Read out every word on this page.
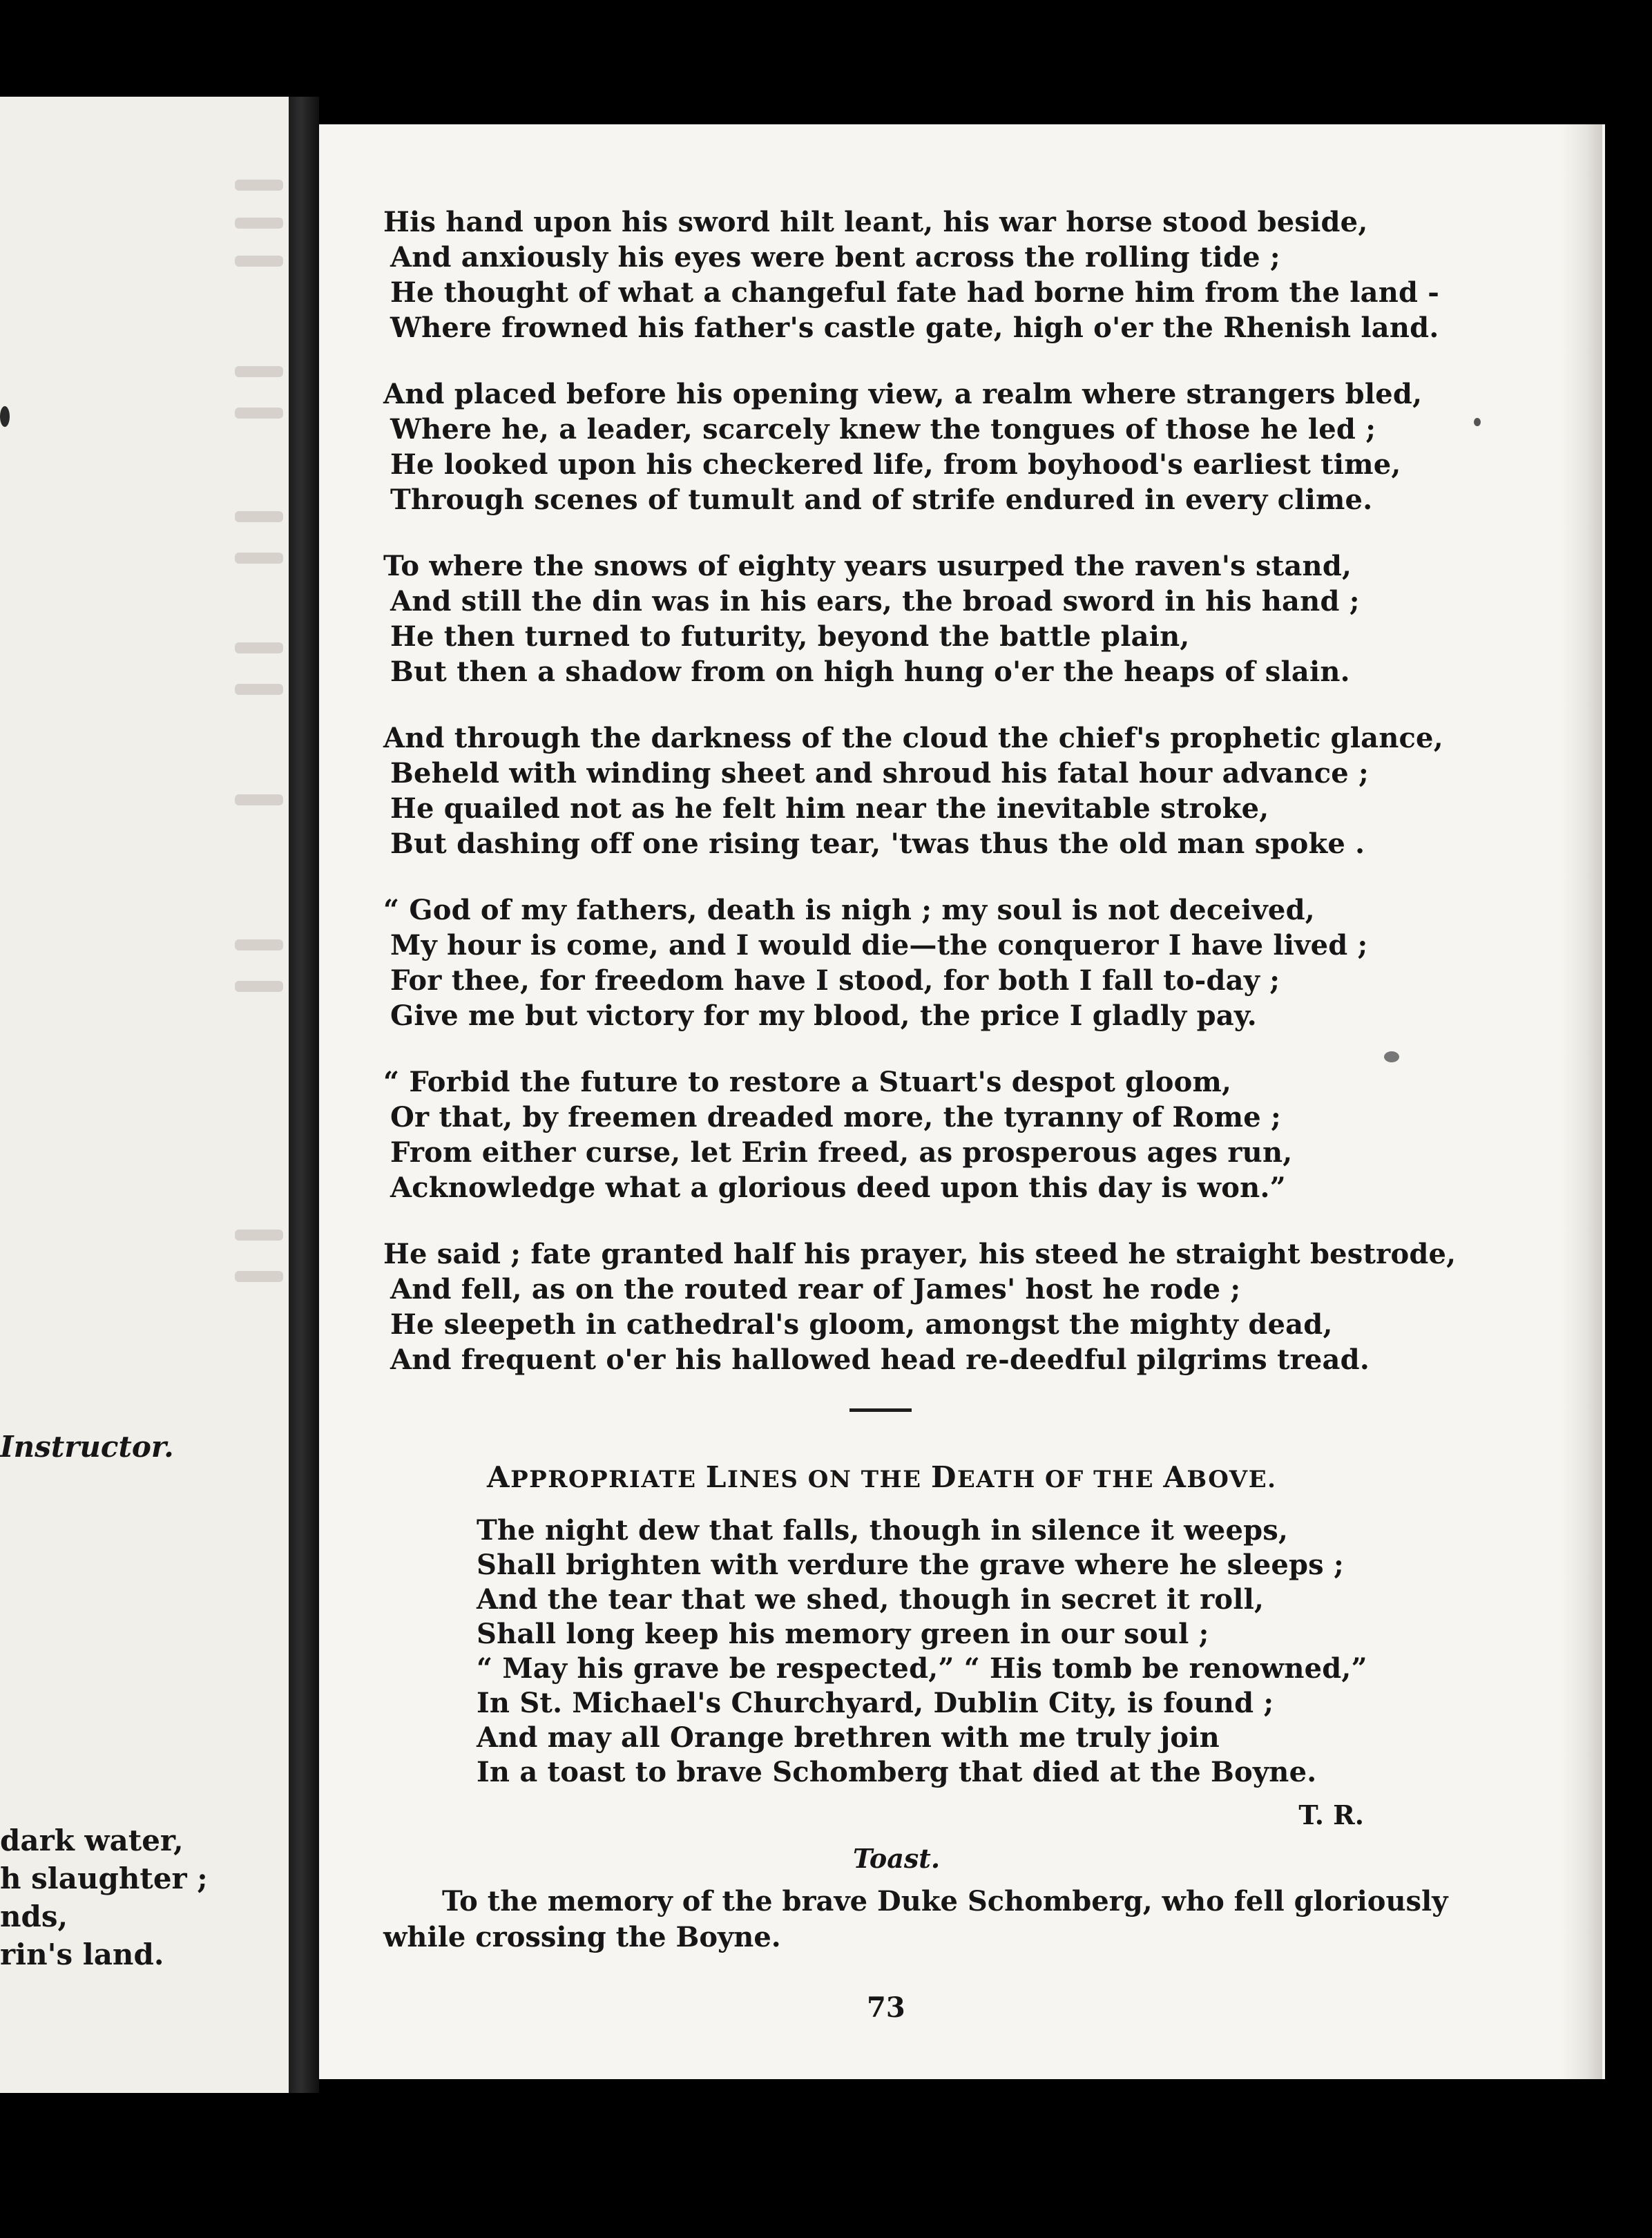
Instructor.
dark water,
h slaughter ;
nds,
rin's land.
His hand upon his sword hilt leant, his war horse stood beside,
And anxiously his eyes were bent across the rolling tide ;
He thought of what a changeful fate had borne him from the land -
Where frowned his father's castle gate, high o'er the Rhenish land.
And placed before his opening view, a realm where strangers bled,
Where he, a leader, scarcely knew the tongues of those he led ;
He looked upon his checkered life, from boyhood's earliest time,
Through scenes of tumult and of strife endured in every clime.
To where the snows of eighty years usurped the raven's stand,
And still the din was in his ears, the broad sword in his hand ;
He then turned to futurity, beyond the battle plain,
But then a shadow from on high hung o'er the heaps of slain.
And through the darkness of the cloud the chief's prophetic glance,
Beheld with winding sheet and shroud his fatal hour advance ;
He quailed not as he felt him near the inevitable stroke,
But dashing off one rising tear, 'twas thus the old man spoke .
“ God of my fathers, death is nigh ; my soul is not deceived,
My hour is come, and I would die—the conqueror I have lived ;
For thee, for freedom have I stood, for both I fall to-day ;
Give me but victory for my blood, the price I gladly pay.
“ Forbid the future to restore a Stuart's despot gloom,
Or that, by freemen dreaded more, the tyranny of Rome ;
From either curse, let Erin freed, as prosperous ages run,
Acknowledge what a glorious deed upon this day is won.”
He said ; fate granted half his prayer, his steed he straight bestrode,
And fell, as on the routed rear of James' host he rode ;
He sleepeth in cathedral's gloom, amongst the mighty dead,
And frequent o'er his hallowed head re-deedful pilgrims tread.
APPROPRIATE LINES ON THE DEATH OF THE ABOVE.
The night dew that falls, though in silence it weeps,
Shall brighten with verdure the grave where he sleeps ;
And the tear that we shed, though in secret it roll,
Shall long keep his memory green in our soul ;
“ May his grave be respected,” “ His tomb be renowned,”
In St. Michael's Churchyard, Dublin City, is found ;
And may all Orange brethren with me truly join
In a toast to brave Schomberg that died at the Boyne.
T. R.
Toast.
To the memory of the brave Duke Schomberg, who fell gloriously
while crossing the Boyne.
73
